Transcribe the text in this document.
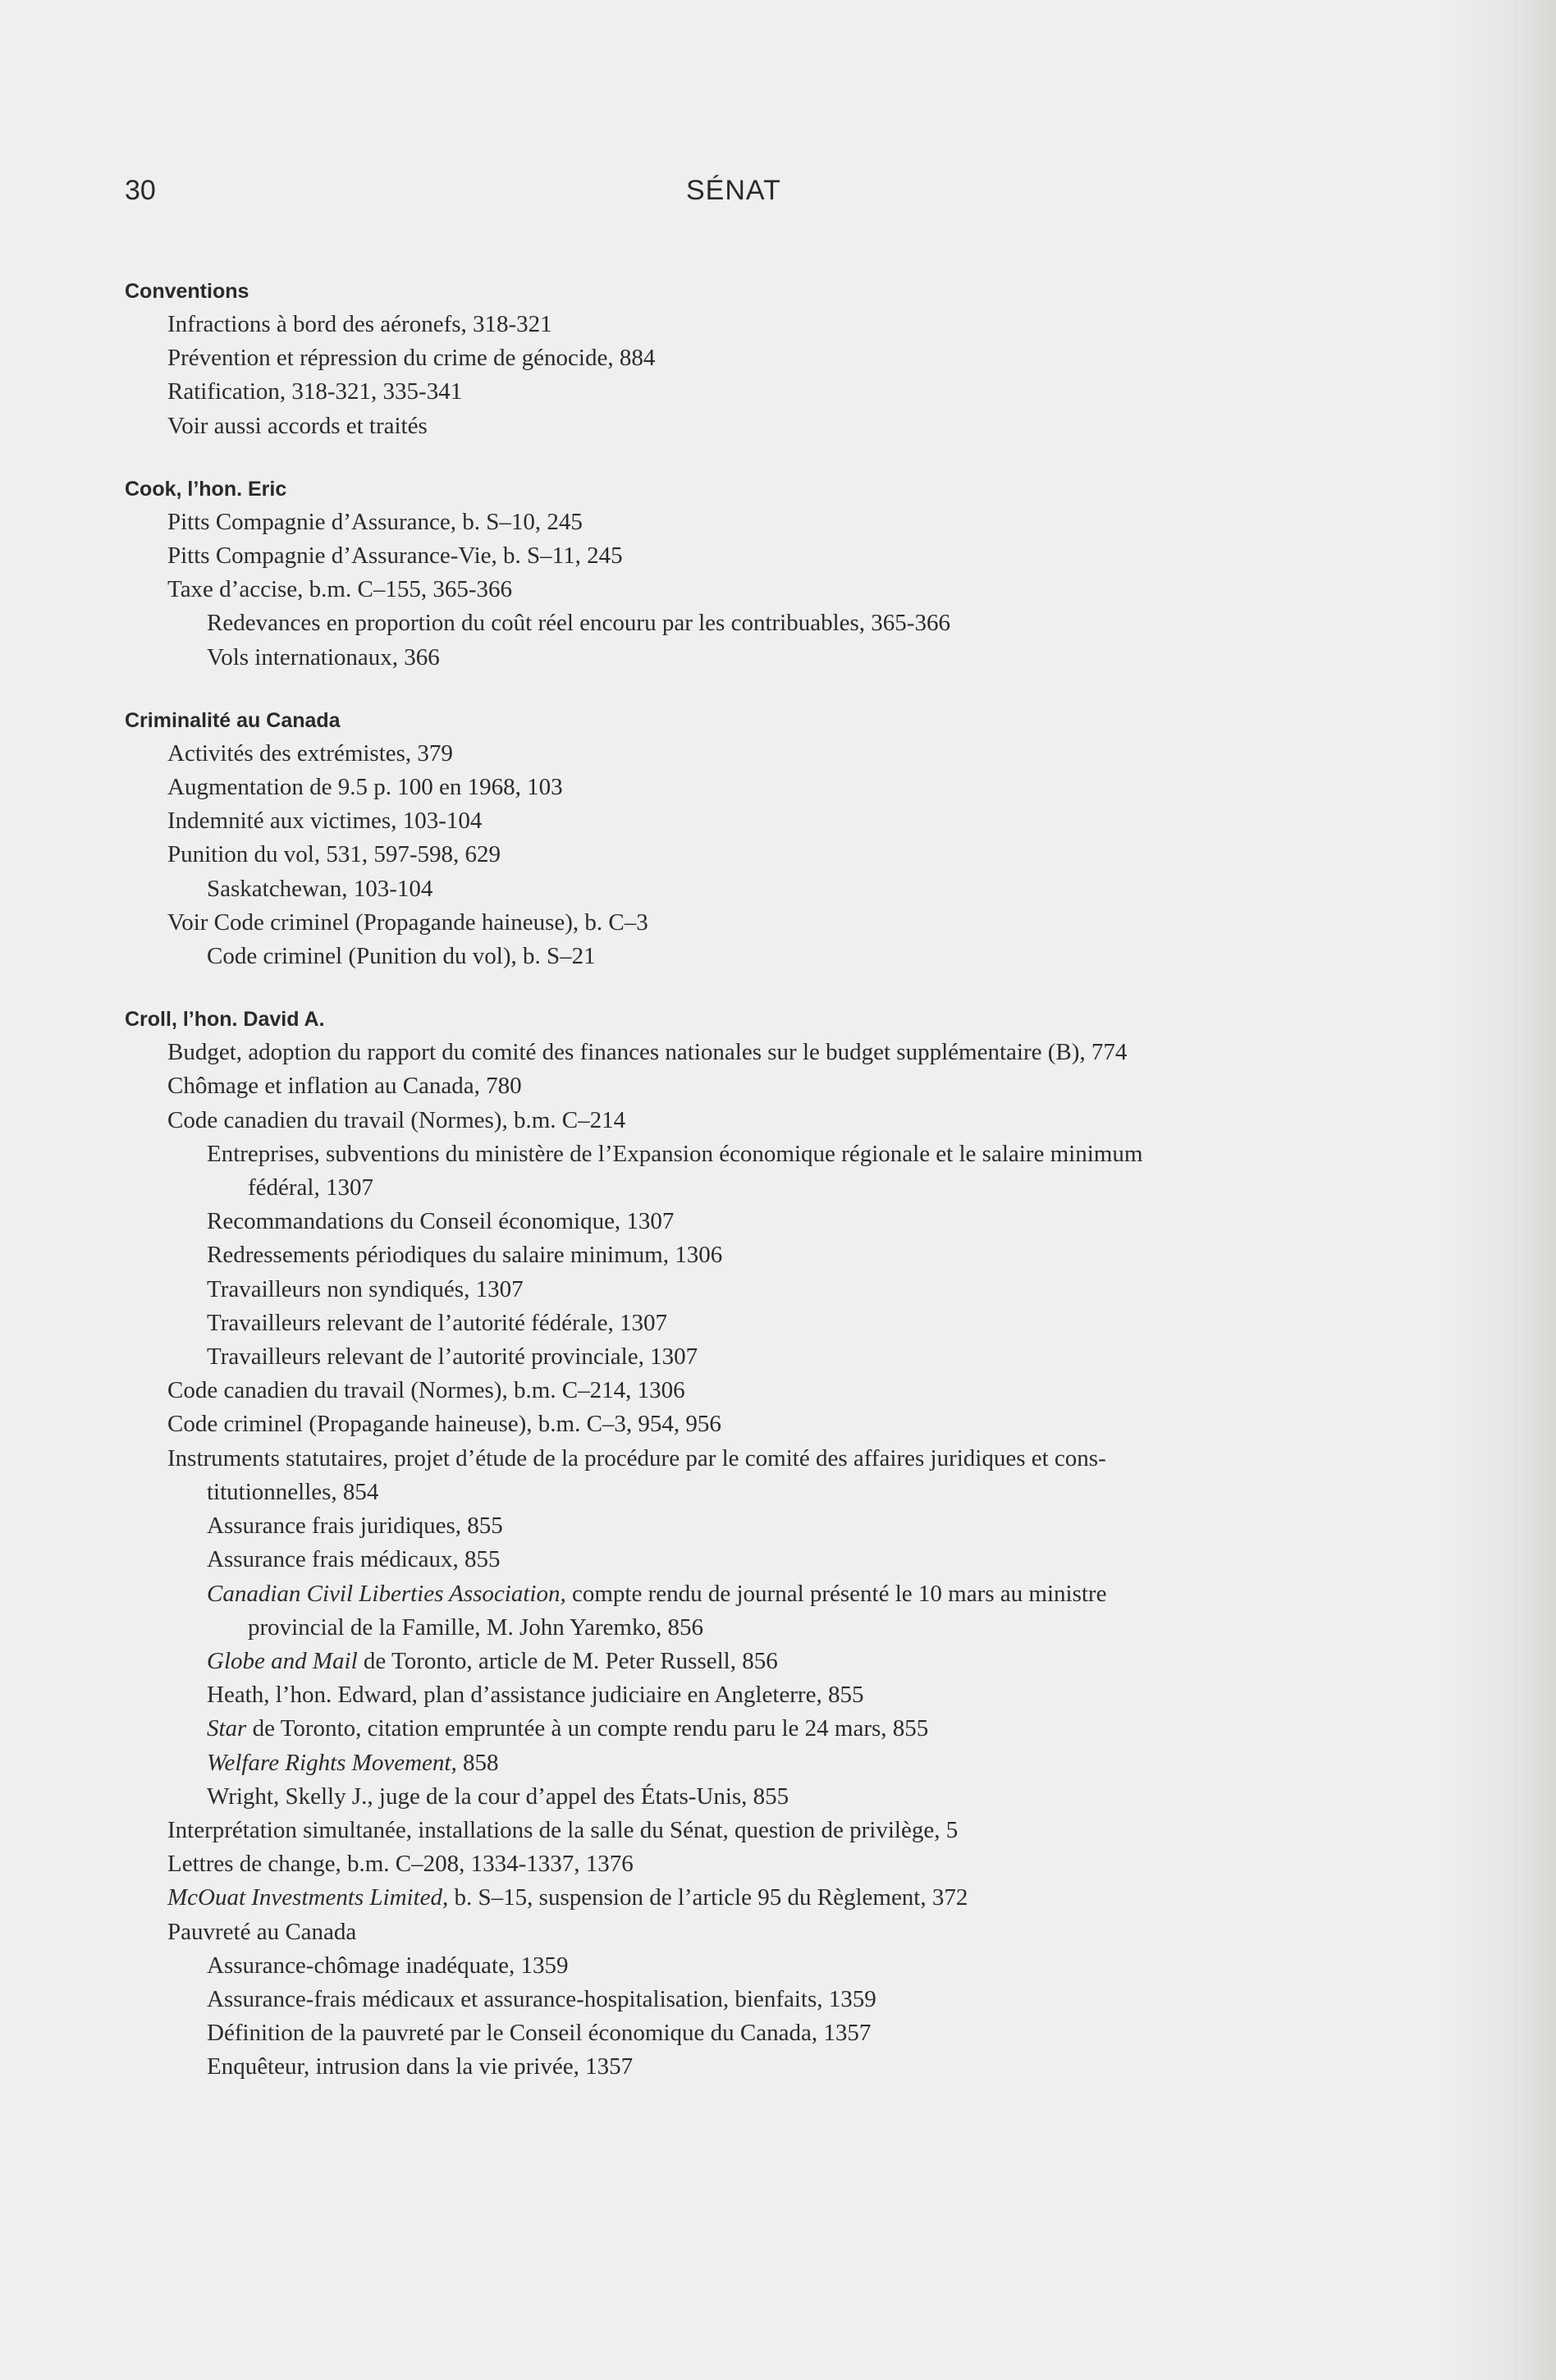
30	SÉNAT
Conventions
Infractions à bord des aéronefs, 318-321
Prévention et répression du crime de génocide, 884
Ratification, 318-321, 335-341
Voir aussi accords et traités
Cook, l’hon. Eric
Pitts Compagnie d’Assurance, b. S–10, 245
Pitts Compagnie d’Assurance-Vie, b. S–11, 245
Taxe d’accise, b.m. C–155, 365-366
Redevances en proportion du coût réel encouru par les contribuables, 365-366
Vols internationaux, 366
Criminalité au Canada
Activités des extrémistes, 379
Augmentation de 9.5 p. 100 en 1968, 103
Indemnité aux victimes, 103-104
Punition du vol, 531, 597-598, 629
Saskatchewan, 103-104
Voir Code criminel (Propagande haineuse), b. C–3
Code criminel (Punition du vol), b. S–21
Croll, l’hon. David A.
Budget, adoption du rapport du comité des finances nationales sur le budget supplémentaire (B), 774
Chômage et inflation au Canada, 780
Code canadien du travail (Normes), b.m. C–214
Entreprises, subventions du ministère de l’Expansion économique régionale et le salaire minimum
fédéral, 1307
Recommandations du Conseil économique, 1307
Redressements périodiques du salaire minimum, 1306
Travailleurs non syndiqués, 1307
Travailleurs relevant de l’autorité fédérale, 1307
Travailleurs relevant de l’autorité provinciale, 1307
Code canadien du travail (Normes), b.m. C–214, 1306
Code criminel (Propagande haineuse), b.m. C–3, 954, 956
Instruments statutaires, projet d’étude de la procédure par le comité des affaires juridiques et cons-
titutionnelles, 854
Assurance frais juridiques, 855
Assurance frais médicaux, 855
Canadian Civil Liberties Association, compte rendu de journal présenté le 10 mars au ministre
provincial de la Famille, M. John Yaremko, 856
Globe and Mail de Toronto, article de M. Peter Russell, 856
Heath, l’hon. Edward, plan d’assistance judiciaire en Angleterre, 855
Star de Toronto, citation empruntée à un compte rendu paru le 24 mars, 855
Welfare Rights Movement, 858
Wright, Skelly J., juge de la cour d’appel des États-Unis, 855
Interprétation simultanée, installations de la salle du Sénat, question de privilège, 5
Lettres de change, b.m. C–208, 1334-1337, 1376
McOuat Investments Limited, b. S–15, suspension de l’article 95 du Règlement, 372
Pauvreté au Canada
Assurance-chômage inadéquate, 1359
Assurance-frais médicaux et assurance-hospitalisation, bienfaits, 1359
Définition de la pauvreté par le Conseil économique du Canada, 1357
Enquêteur, intrusion dans la vie privée, 1357
